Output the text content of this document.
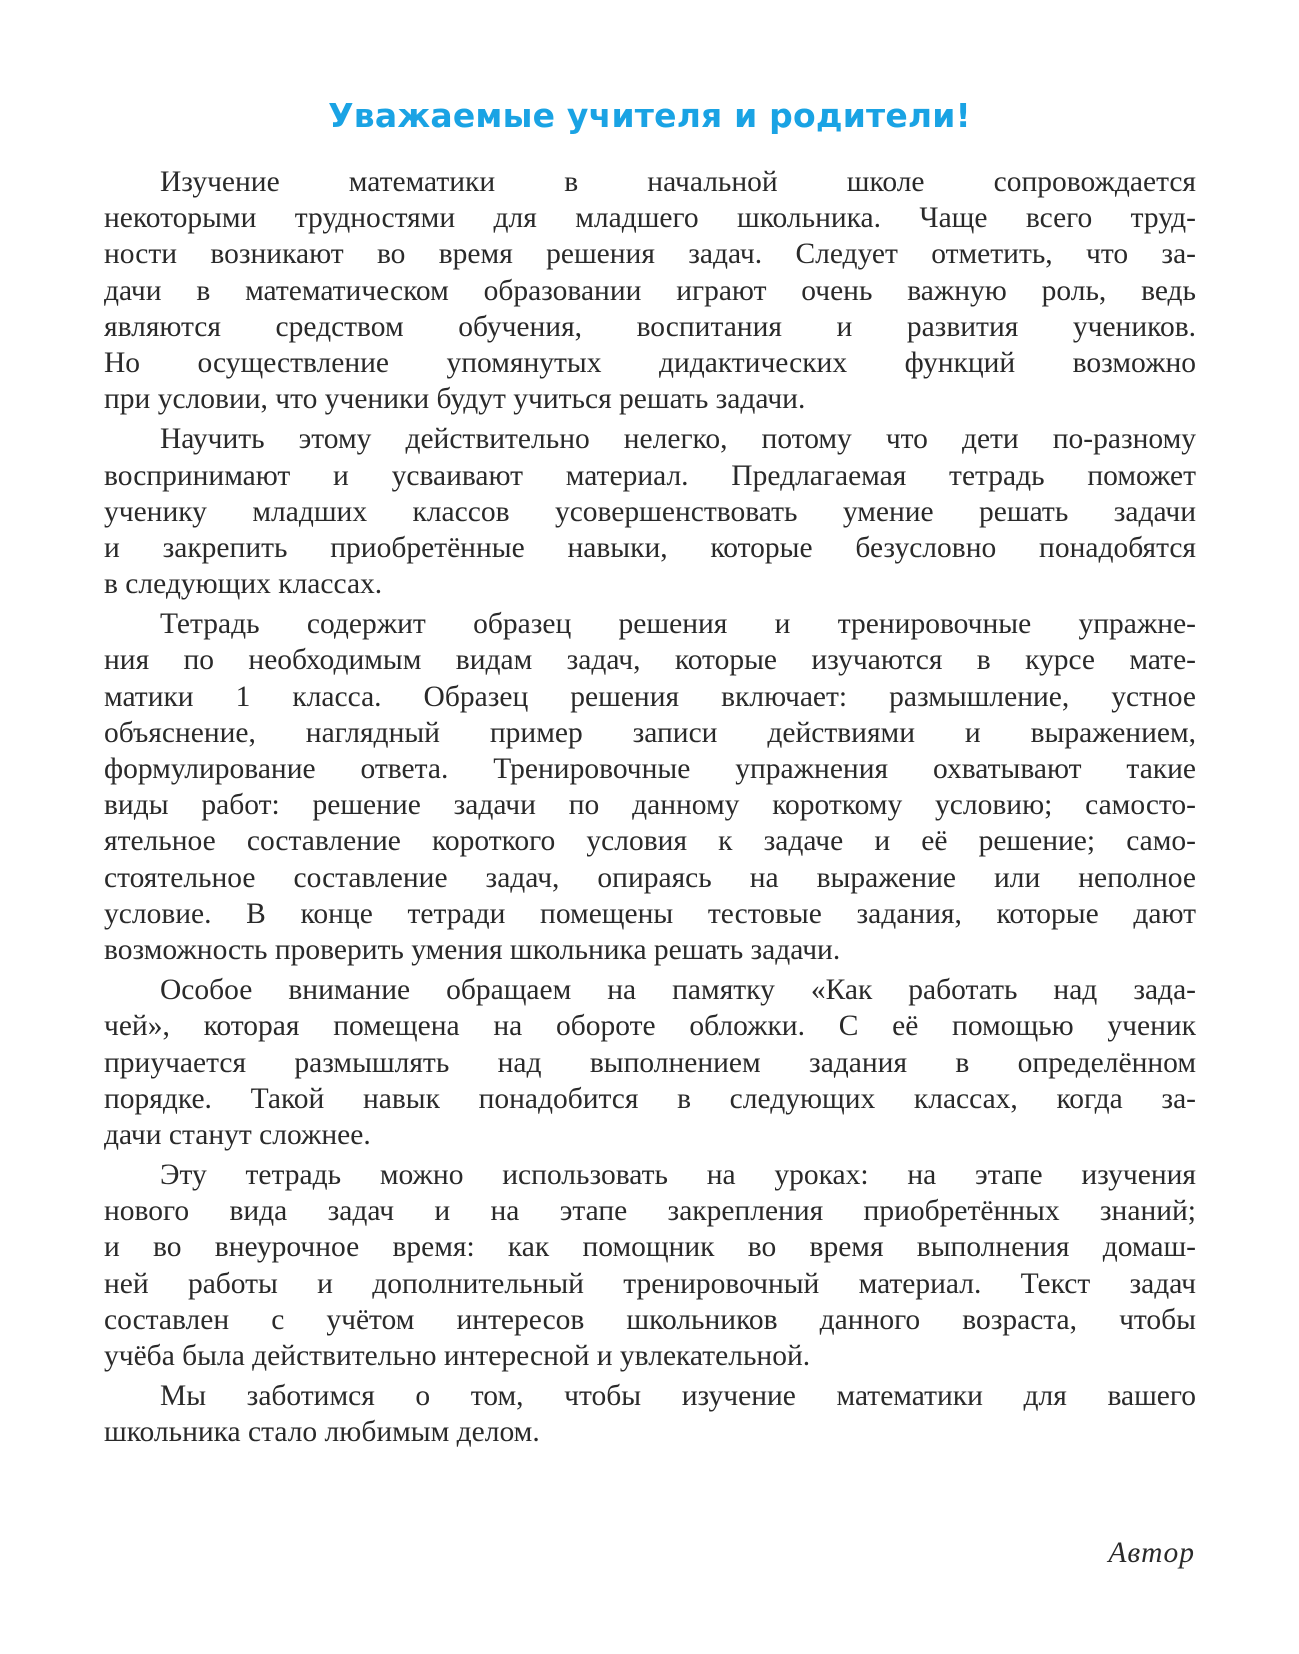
Уважаемые учителя и родители!
Изучение математики в начальной школе сопровождается
некоторыми трудностями для младшего школьника. Чаще всего труд-
ности возникают во время решения задач. Следует отметить, что за-
дачи в математическом образовании играют очень важную роль, ведь
являются средством обучения, воспитания и развития учеников.
Но осуществление упомянутых дидактических функций возможно
при условии, что ученики будут учиться решать задачи.
Научить этому действительно нелегко, потому что дети по-разному
воспринимают и усваивают материал. Предлагаемая тетрадь поможет
ученику младших классов усовершенствовать умение решать задачи
и закрепить приобретённые навыки, которые безусловно понадобятся
в следующих классах.
Тетрадь содержит образец решения и тренировочные упражне-
ния по необходимым видам задач, которые изучаются в курсе мате-
матики 1 класса. Образец решения включает: размышление, устное
объяснение, наглядный пример записи действиями и выражением,
формулирование ответа. Тренировочные упражнения охватывают такие
виды работ: решение задачи по данному короткому условию; самосто-
ятельное составление короткого условия к задаче и её решение; само-
стоятельное составление задач, опираясь на выражение или неполное
условие. В конце тетради помещены тестовые задания, которые дают
возможность проверить умения школьника решать задачи.
Особое внимание обращаем на памятку «Как работать над зада-
чей», которая помещена на обороте обложки. С её помощью ученик
приучается размышлять над выполнением задания в определённом
порядке. Такой навык понадобится в следующих классах, когда за-
дачи станут сложнее.
Эту тетрадь можно использовать на уроках: на этапе изучения
нового вида задач и на этапе закрепления приобретённых знаний;
и во внеурочное время: как помощник во время выполнения домаш-
ней работы и дополнительный тренировочный материал. Текст задач
составлен с учётом интересов школьников данного возраста, чтобы
учёба была действительно интересной и увлекательной.
Мы заботимся о том, чтобы изучение математики для вашего
школьника стало любимым делом.

Автор
